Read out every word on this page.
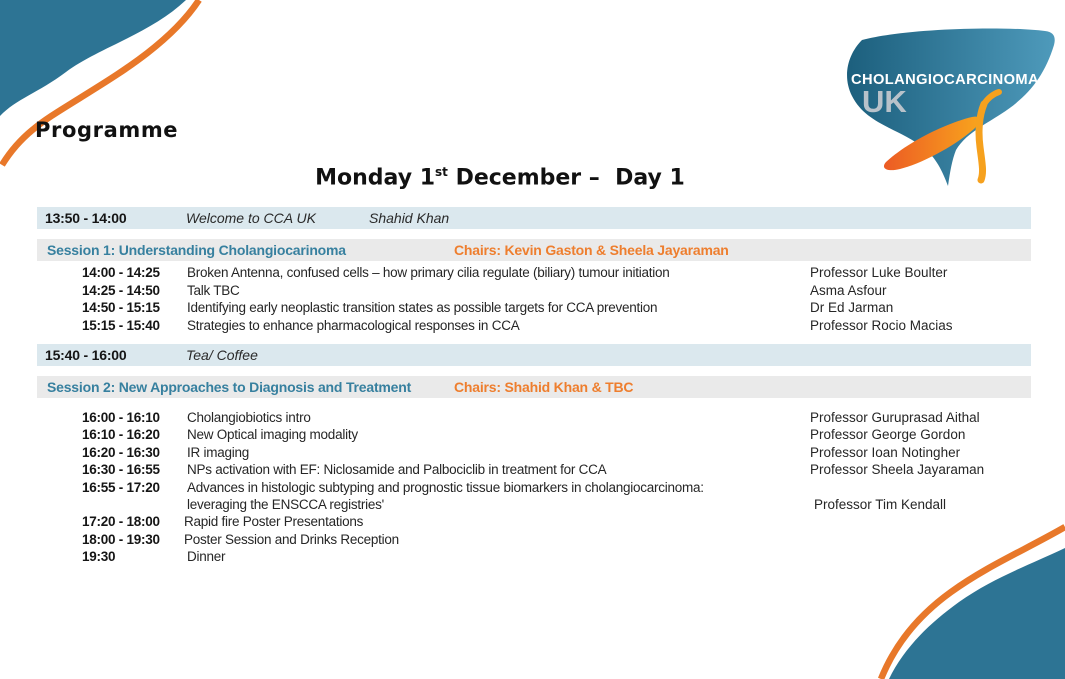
CHOLANGIOCARCINOMA
UK
Programme
Monday 1st December –  Day 1
13:50 - 14:00	Welcome to CCA UK	Shahid Khan
Session 1: Understanding Cholangiocarinoma	Chairs: Kevin Gaston & Sheela Jayaraman
14:00 - 14:25 Broken Antenna, confused cells – how primary cilia regulate (biliary) tumour initiation	Professor Luke Boulter
14:25 - 14:50 Talk TBC	Asma Asfour
14:50 - 15:15 Identifying early neoplastic transition states as possible targets for CCA prevention	Dr Ed Jarman
15:15 - 15:40 Strategies to enhance pharmacological responses in CCA	Professor Rocio Macias
15:40 - 16:00	Tea/ Coffee
Session 2: New Approaches to Diagnosis and Treatment	Chairs: Shahid Khan & TBC
16:00 - 16:10 Cholangiobiotics intro	Professor Guruprasad Aithal
16:10 - 16:20 New Optical imaging modality	Professor George Gordon
16:20 - 16:30 IR imaging	Professor Ioan Notingher
16:30 - 16:55 NPs activation with EF: Niclosamide and Palbociclib in treatment for CCA	Professor Sheela Jayaraman
16:55 - 17:20 Advances in histologic subtyping and prognostic tissue biomarkers in cholangiocarcinoma:
leveraging the ENSCCA registries'	Professor Tim Kendall
17:20 - 18:00 Rapid fire Poster Presentations
18:00 - 19:30 Poster Session and Drinks Reception
19:30	Dinner
